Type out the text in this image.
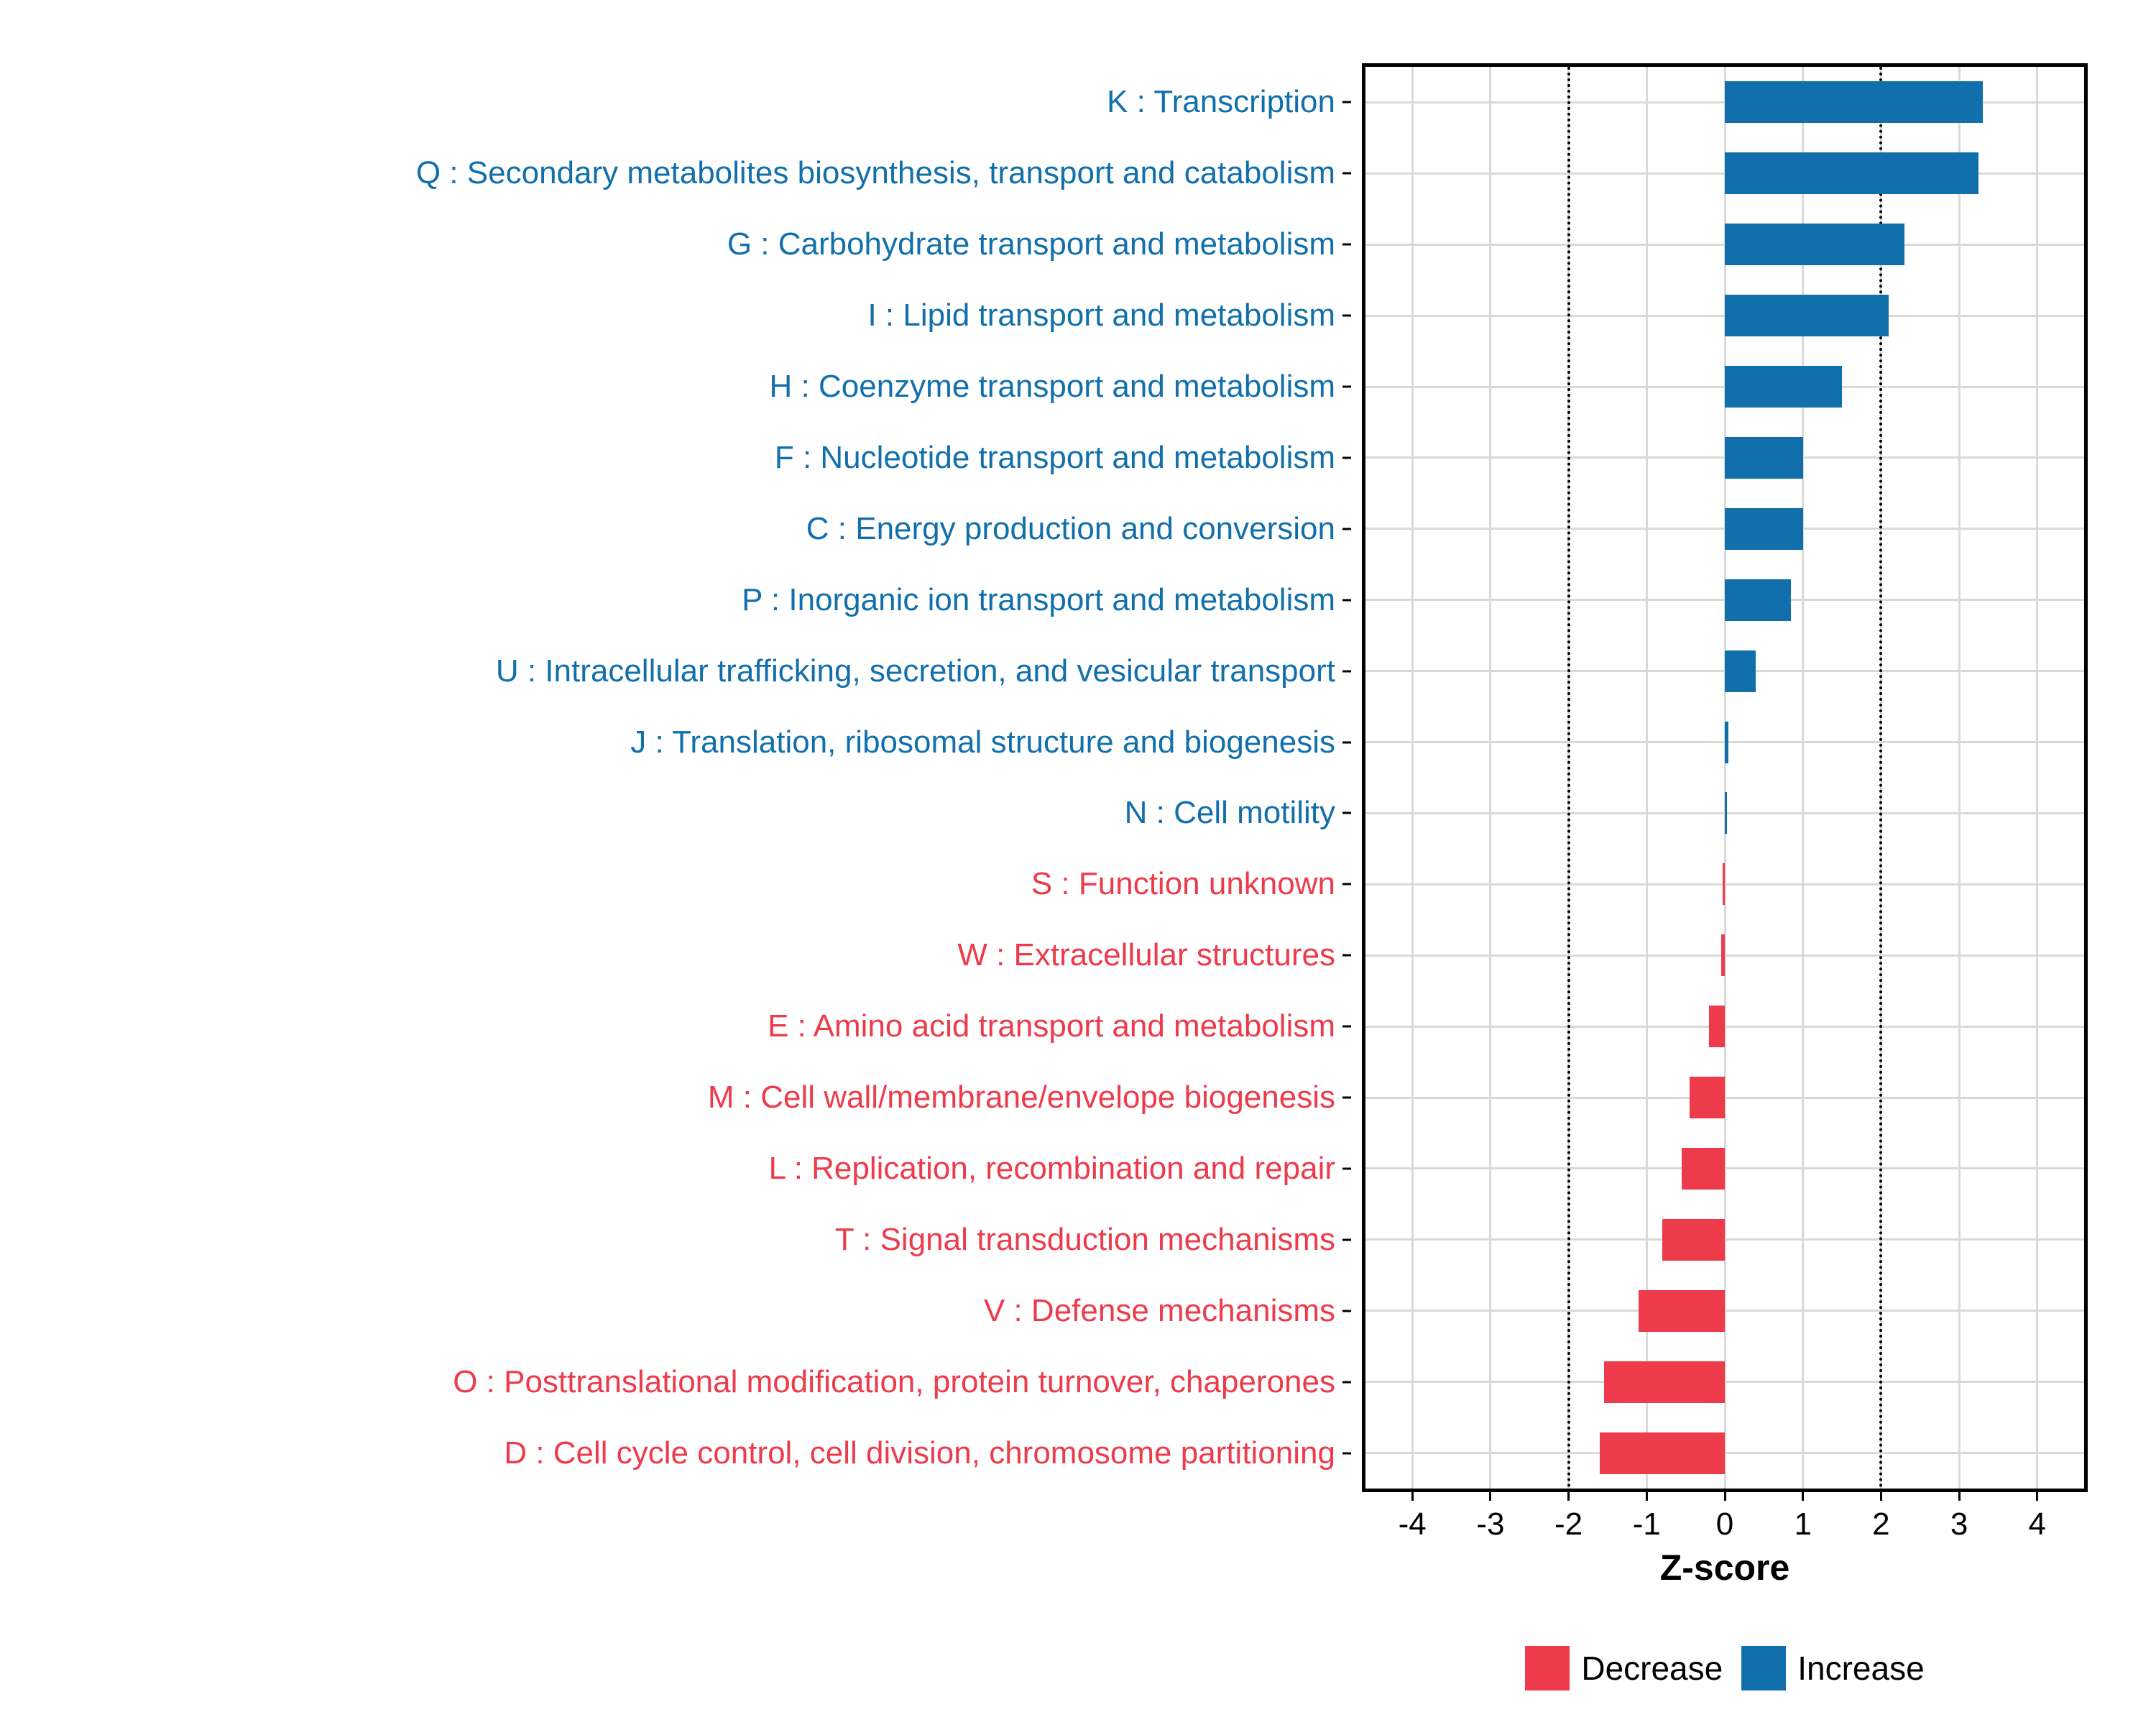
K : Transcription
Q : Secondary metabolites biosynthesis, transport and catabolism
G : Carbohydrate transport and metabolism
I : Lipid transport and metabolism
H : Coenzyme transport and metabolism
F : Nucleotide transport and metabolism
C : Energy production and conversion
P : Inorganic ion transport and metabolism
U : Intracellular trafficking, secretion, and vesicular transport
J : Translation, ribosomal structure and biogenesis
N : Cell motility
S : Function unknown
W : Extracellular structures
E : Amino acid transport and metabolism
M : Cell wall/membrane/envelope biogenesis
L : Replication, recombination and repair
T : Signal transduction mechanisms
V : Defense mechanisms
O : Posttranslational modification, protein turnover, chaperones
D : Cell cycle control, cell division, chromosome partitioning
-4 -3 -2 -1 0 1 2 3 4
Z-score
Decrease Increase
